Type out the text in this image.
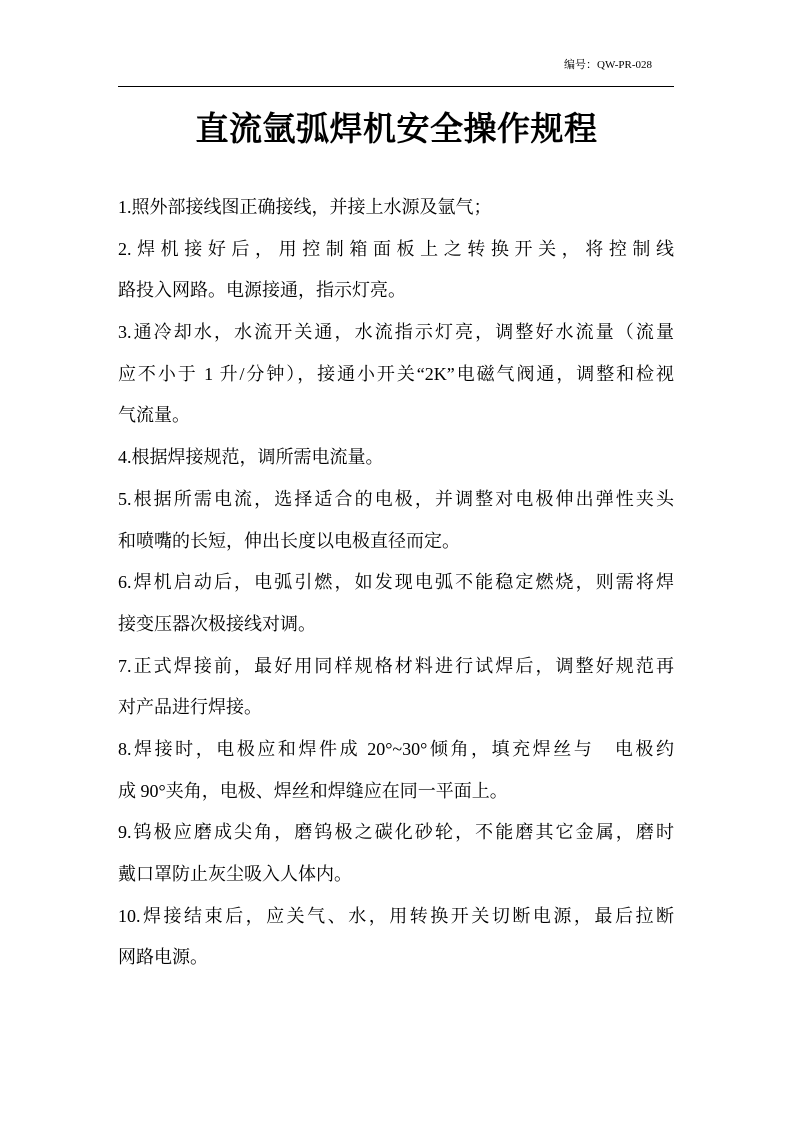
编号：QW-PR-028
直流氩弧焊机安全操作规程
1.照外部接线图正确接线，并接上水源及氩气；
2.焊机接好后，用控制箱面板上之转换开关，将控制线
路投入网路。电源接通，指示灯亮。
3.通冷却水，水流开关通，水流指示灯亮，调整好水流量（流量
应不小于 1 升/分钟），接通小开关“2K”电磁气阀通，调整和检视
气流量。
4.根据焊接规范，调所需电流量。
5.根据所需电流，选择适合的电极，并调整对电极伸出弹性夹头
和喷嘴的长短，伸出长度以电极直径而定。
6.焊机启动后，电弧引燃，如发现电弧不能稳定燃烧，则需将焊
接变压器次极接线对调。
7.正式焊接前，最好用同样规格材料进行试焊后，调整好规范再
对产品进行焊接。
8.焊接时，电极应和焊件成 20°~30°倾角，填充焊丝与　电极约
成 90°夹角，电极、焊丝和焊缝应在同一平面上。
9.钨极应磨成尖角，磨钨极之碳化砂轮，不能磨其它金属，磨时
戴口罩防止灰尘吸入人体内。
10.焊接结束后，应关气、水，用转换开关切断电源，最后拉断
网路电源。
